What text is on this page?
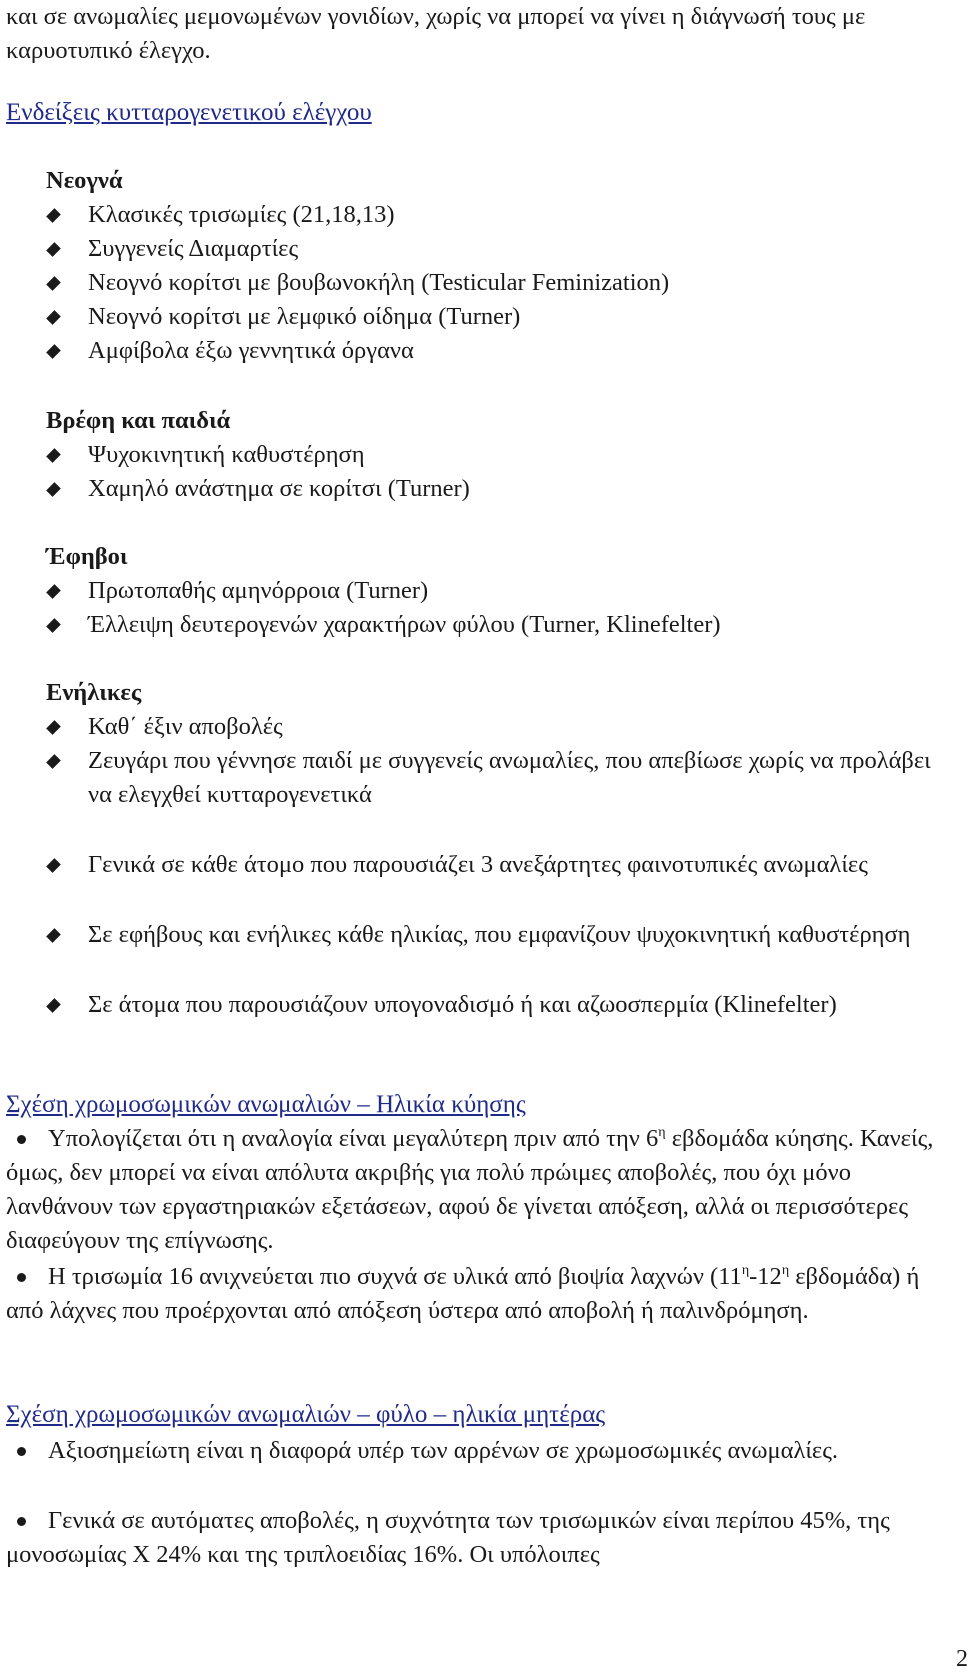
και σε ανωμαλίες μεμονωμένων γονιδίων, χωρίς να μπορεί να γίνει η διάγνωσή τους με καρυοτυπικό έλεγχο.

Ενδείξεις κυτταρογενετικού ελέγχου

Νεογνά

Κλασικές τρισωμίες (21,18,13)

Συγγενείς Διαμαρτίες

Νεογνό κορίτσι με βουβωνοκήλη (Testicular Feminization)

Νεογνό κορίτσι με λεμφικό οίδημα (Turner)

Αμφίβολα έξω γεννητικά όργανα

Βρέφη και παιδιά

Ψυχοκινητική καθυστέρηση

Χαμηλό ανάστημα σε κορίτσι (Turner)

Έφηβοι

Πρωτοπαθής αμηνόρροια (Turner)

Έλλειψη δευτερογενών χαρακτήρων φύλου (Turner, Klinefelter)

Ενήλικες

Καθ΄ έξιν αποβολές

Ζευγάρι που γέννησε παιδί με συγγενείς ανωμαλίες, που απεβίωσε χωρίς να προλάβει να ελεγχθεί κυτταρογενετικά

Γενικά σε κάθε άτομο που παρουσιάζει 3 ανεξάρτητες φαινοτυπικές ανωμαλίες

Σε εφήβους και ενήλικες κάθε ηλικίας, που εμφανίζουν ψυχοκινητική καθυστέρηση

Σε άτομα που παρουσιάζουν υπογοναδισμό ή και αζωοσπερμία (Klinefelter)

Σχέση χρωμοσωμικών ανωμαλιών – Ηλικία κύησης

Υπολογίζεται ότι η αναλογία είναι μεγαλύτερη πριν από την $6^\eta$ εβδομάδα κύησης. Κανείς, όμως, δεν μπορεί να είναι απόλυτα ακριβής για πολύ πρώιμες αποβολές, που όχι μόνο λανθάνουν των εργαστηριακών εξετάσεων, αφού δε γίνεται απόξεση, αλλά οι περισσότερες διαφεύγουν της επίγνωσης.

Η τρισωμία 16 ανιχνεύεται πιο συχνά σε υλικά από βιοψία λαχνών ($11^\eta-12^\eta$ εβδομάδα) ή από λάχνες που προέρχονται από απόξεση ύστερα από αποβολή ή παλινδρόμηση.

Σχέση χρωμοσωμικών ανωμαλιών – φύλο – ηλικία μητέρας

Αξιοσημείωτη είναι η διαφορά υπέρ των αρρένων σε χρωμοσωμικές ανωμαλίες.

Γενικά σε αυτόματες αποβολές, η συχνότητα των τρισωμικών είναι περίπου 45%, της μονοσωμίας Χ 24% και της τριπλοειδίας 16%. Οι υπόλοιπες

2
